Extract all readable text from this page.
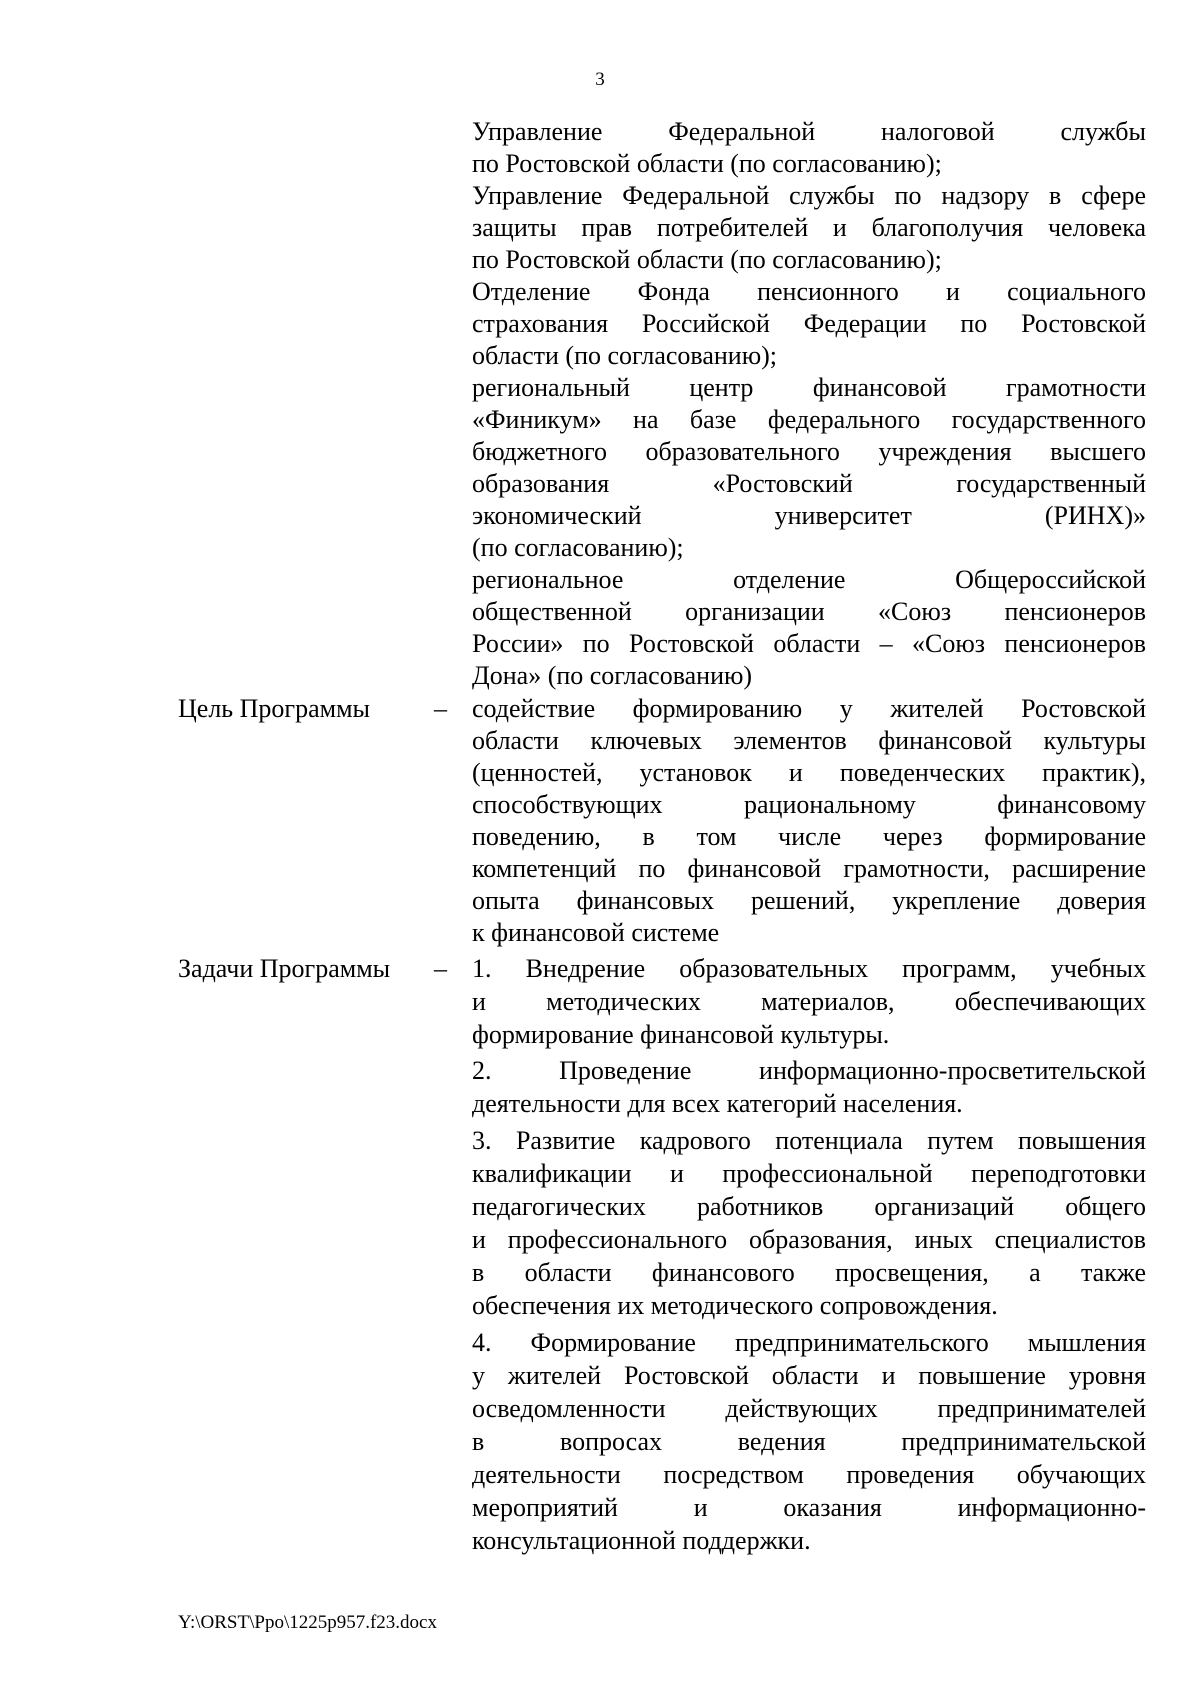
3
Управление Федеральной налоговой службы
по Ростовской области (по согласованию);
Управление Федеральной службы по надзору в сфере
защиты прав потребителей и благополучия человека
по Ростовской области (по согласованию);
Отделение Фонда пенсионного и социального
страхования Российской Федерации по Ростовской
области (по согласованию);
региональный центр финансовой грамотности
«Финикум» на базе федерального государственного
бюджетного образовательного учреждения высшего
образования «Ростовский государственный
экономический университет (РИНХ)»
(по согласованию);
региональное отделение Общероссийской
общественной организации «Союз пенсионеров
России» по Ростовской области – «Союз пенсионеров
Дона» (по согласованию)
Цель Программы – содействие формированию у жителей Ростовской
области ключевых элементов финансовой культуры
(ценностей, установок и поведенческих практик),
способствующих рациональному финансовому
поведению, в том числе через формирование
компетенций по финансовой грамотности, расширение
опыта финансовых решений, укрепление доверия
к финансовой системе
Задачи Программы – 1. Внедрение образовательных программ, учебных
и методических материалов, обеспечивающих
формирование финансовой культуры.
2. Проведение информационно-просветительской
деятельности для всех категорий населения.
3. Развитие кадрового потенциала путем повышения
квалификации и профессиональной переподготовки
педагогических работников организаций общего
и профессионального образования, иных специалистов
в области финансового просвещения, а также
обеспечения их методического сопровождения.
4. Формирование предпринимательского мышления
у жителей Ростовской области и повышение уровня
осведомленности действующих предпринимателей
в вопросах ведения предпринимательской
деятельности посредством проведения обучающих
мероприятий и оказания информационно-
консультационной поддержки.
Y:\ORST\Ppo\1225p957.f23.docx
